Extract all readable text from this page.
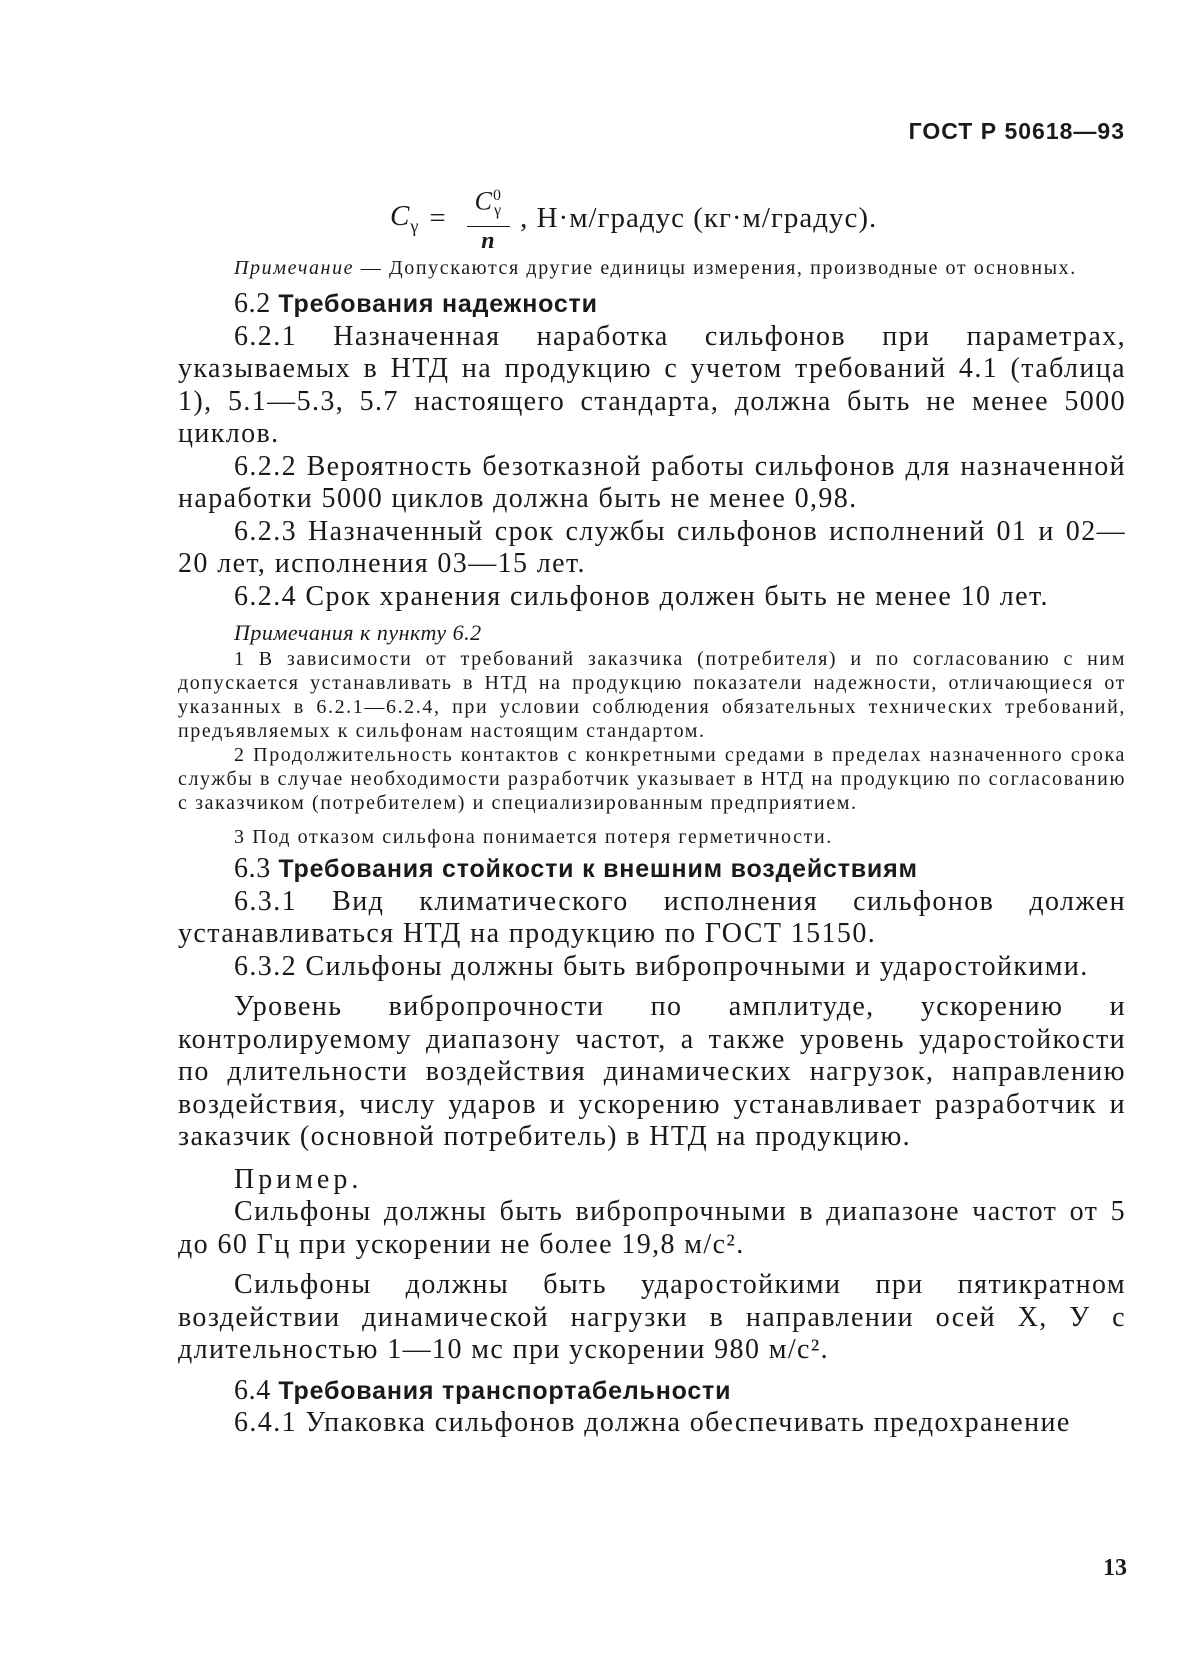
ГОСТ Р 50618—93
$C_\gamma = \frac{C^0_\gamma}{n}$ , Н·м/градус (кг·м/градус).

Примечание — Допускаются другие единицы измерения, производные от основных.

6.2 Требования надежности

6.2.1 Назначенная наработка сильфонов при параметрах, указываемых в НТД на продукцию с учетом требований 4.1 (таблица 1), 5.1—5.3, 5.7 настоящего стандарта, должна быть не менее 5000 циклов.

6.2.2 Вероятность безотказной работы сильфонов для назначенной наработки 5000 циклов должна быть не менее 0,98.

6.2.3 Назначенный срок службы сильфонов исполнений 01 и 02—20 лет, исполнения 03—15 лет.

6.2.4 Срок хранения сильфонов должен быть не менее 10 лет.

Примечания к пункту 6.2

1 В зависимости от требований заказчика (потребителя) и по согласованию с ним допускается устанавливать в НТД на продукцию показатели надежности, отличающиеся от указанных в 6.2.1—6.2.4, при условии соблюдения обязательных технических требований, предъявляемых к сильфонам настоящим стандартом.

2 Продолжительность контактов с конкретными средами в пределах назначенного срока службы в случае необходимости разработчик указывает в НТД на продукцию по согласованию с заказчиком (потребителем) и специализированным предприятием.

3 Под отказом сильфона понимается потеря герметичности.

6.3 Требования стойкости к внешним воздействиям

6.3.1 Вид климатического исполнения сильфонов должен устанавливаться НТД на продукцию по ГОСТ 15150.

6.3.2 Сильфоны должны быть вибропрочными и ударостойкими.

Уровень вибропрочности по амплитуде, ускорению и контролируемому диапазону частот, а также уровень ударостойкости по длительности воздействия динамических нагрузок, направлению воздействия, числу ударов и ускорению устанавливает разработчик и заказчик (основной потребитель) в НТД на продукцию.

Пример.

Сильфоны должны быть вибропрочными в диапазоне частот от 5 до 60 Гц при ускорении не более 19,8 м/с².

Сильфоны должны быть ударостойкими при пятикратном воздействии динамической нагрузки в направлении осей X, У с длительностью 1—10 мс при ускорении 980 м/с².

6.4 Требования транспортабельности

6.4.1 Упаковка сильфонов должна обеспечивать предохранение

13
